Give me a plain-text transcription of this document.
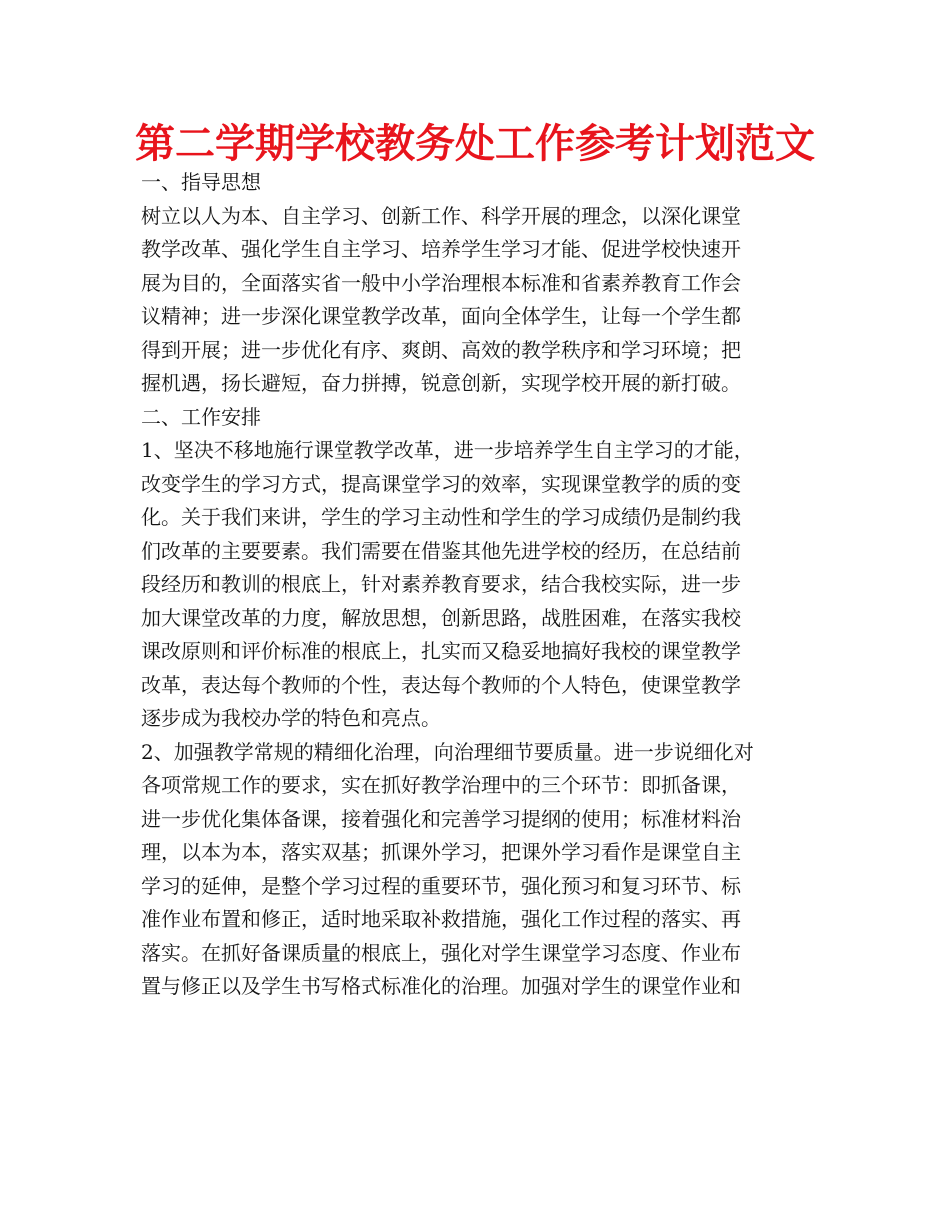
第二学期学校教务处工作参考计划范文
一、指导思想
树立以人为本、自主学习、创新工作、科学开展的理念，以深化课堂
教学改革、强化学生自主学习、培养学生学习才能、促进学校快速开
展为目的，全面落实省一般中小学治理根本标准和省素养教育工作会
议精神；进一步深化课堂教学改革，面向全体学生，让每一个学生都
得到开展；进一步优化有序、爽朗、高效的教学秩序和学习环境；把
握机遇，扬长避短，奋力拼搏，锐意创新，实现学校开展的新打破。
二、工作安排
1、坚决不移地施行课堂教学改革，进一步培养学生自主学习的才能，
改变学生的学习方式，提高课堂学习的效率，实现课堂教学的质的变
化。关于我们来讲，学生的学习主动性和学生的学习成绩仍是制约我
们改革的主要要素。我们需要在借鉴其他先进学校的经历，在总结前
段经历和教训的根底上，针对素养教育要求，结合我校实际，进一步
加大课堂改革的力度，解放思想，创新思路，战胜困难，在落实我校
课改原则和评价标准的根底上，扎实而又稳妥地搞好我校的课堂教学
改革，表达每个教师的个性，表达每个教师的个人特色，使课堂教学
逐步成为我校办学的特色和亮点。
2、加强教学常规的精细化治理，向治理细节要质量。进一步说细化对
各项常规工作的要求，实在抓好教学治理中的三个环节：即抓备课，
进一步优化集体备课，接着强化和完善学习提纲的使用；标准材料治
理，以本为本，落实双基；抓课外学习，把课外学习看作是课堂自主
学习的延伸，是整个学习过程的重要环节，强化预习和复习环节、标
准作业布置和修正，适时地采取补救措施，强化工作过程的落实、再
落实。在抓好备课质量的根底上，强化对学生课堂学习态度、作业布
置与修正以及学生书写格式标准化的治理。加强对学生的课堂作业和
